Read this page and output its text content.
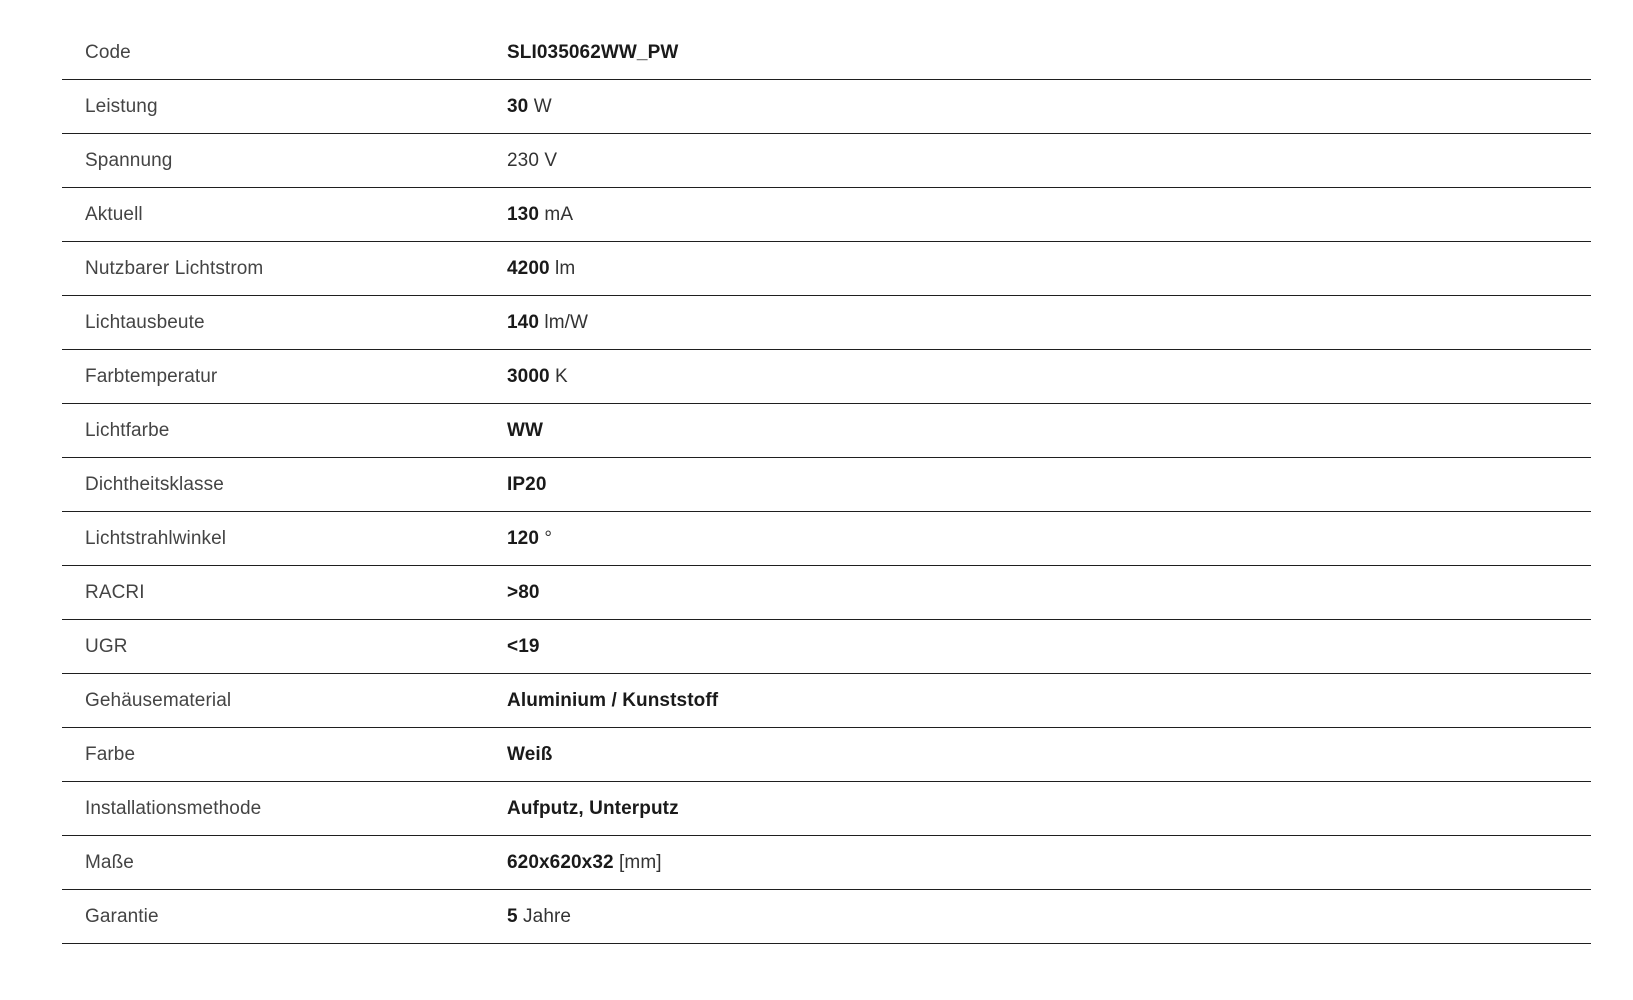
Code	SLI035062WW_PW
Leistung	30 W
Spannung	230 V
Aktuell	130 mA
Nutzbarer Lichtstrom	4200 lm
Lichtausbeute	140 lm/W
Farbtemperatur	3000 K
Lichtfarbe	WW
Dichtheitsklasse	IP20
Lichtstrahlwinkel	120 °
RACRI	>80
UGR	<19
Gehäusematerial	Aluminium / Kunststoff
Farbe	Weiß
Installationsmethode	Aufputz, Unterputz
Maße	620x620x32 [mm]
Garantie	5 Jahre
